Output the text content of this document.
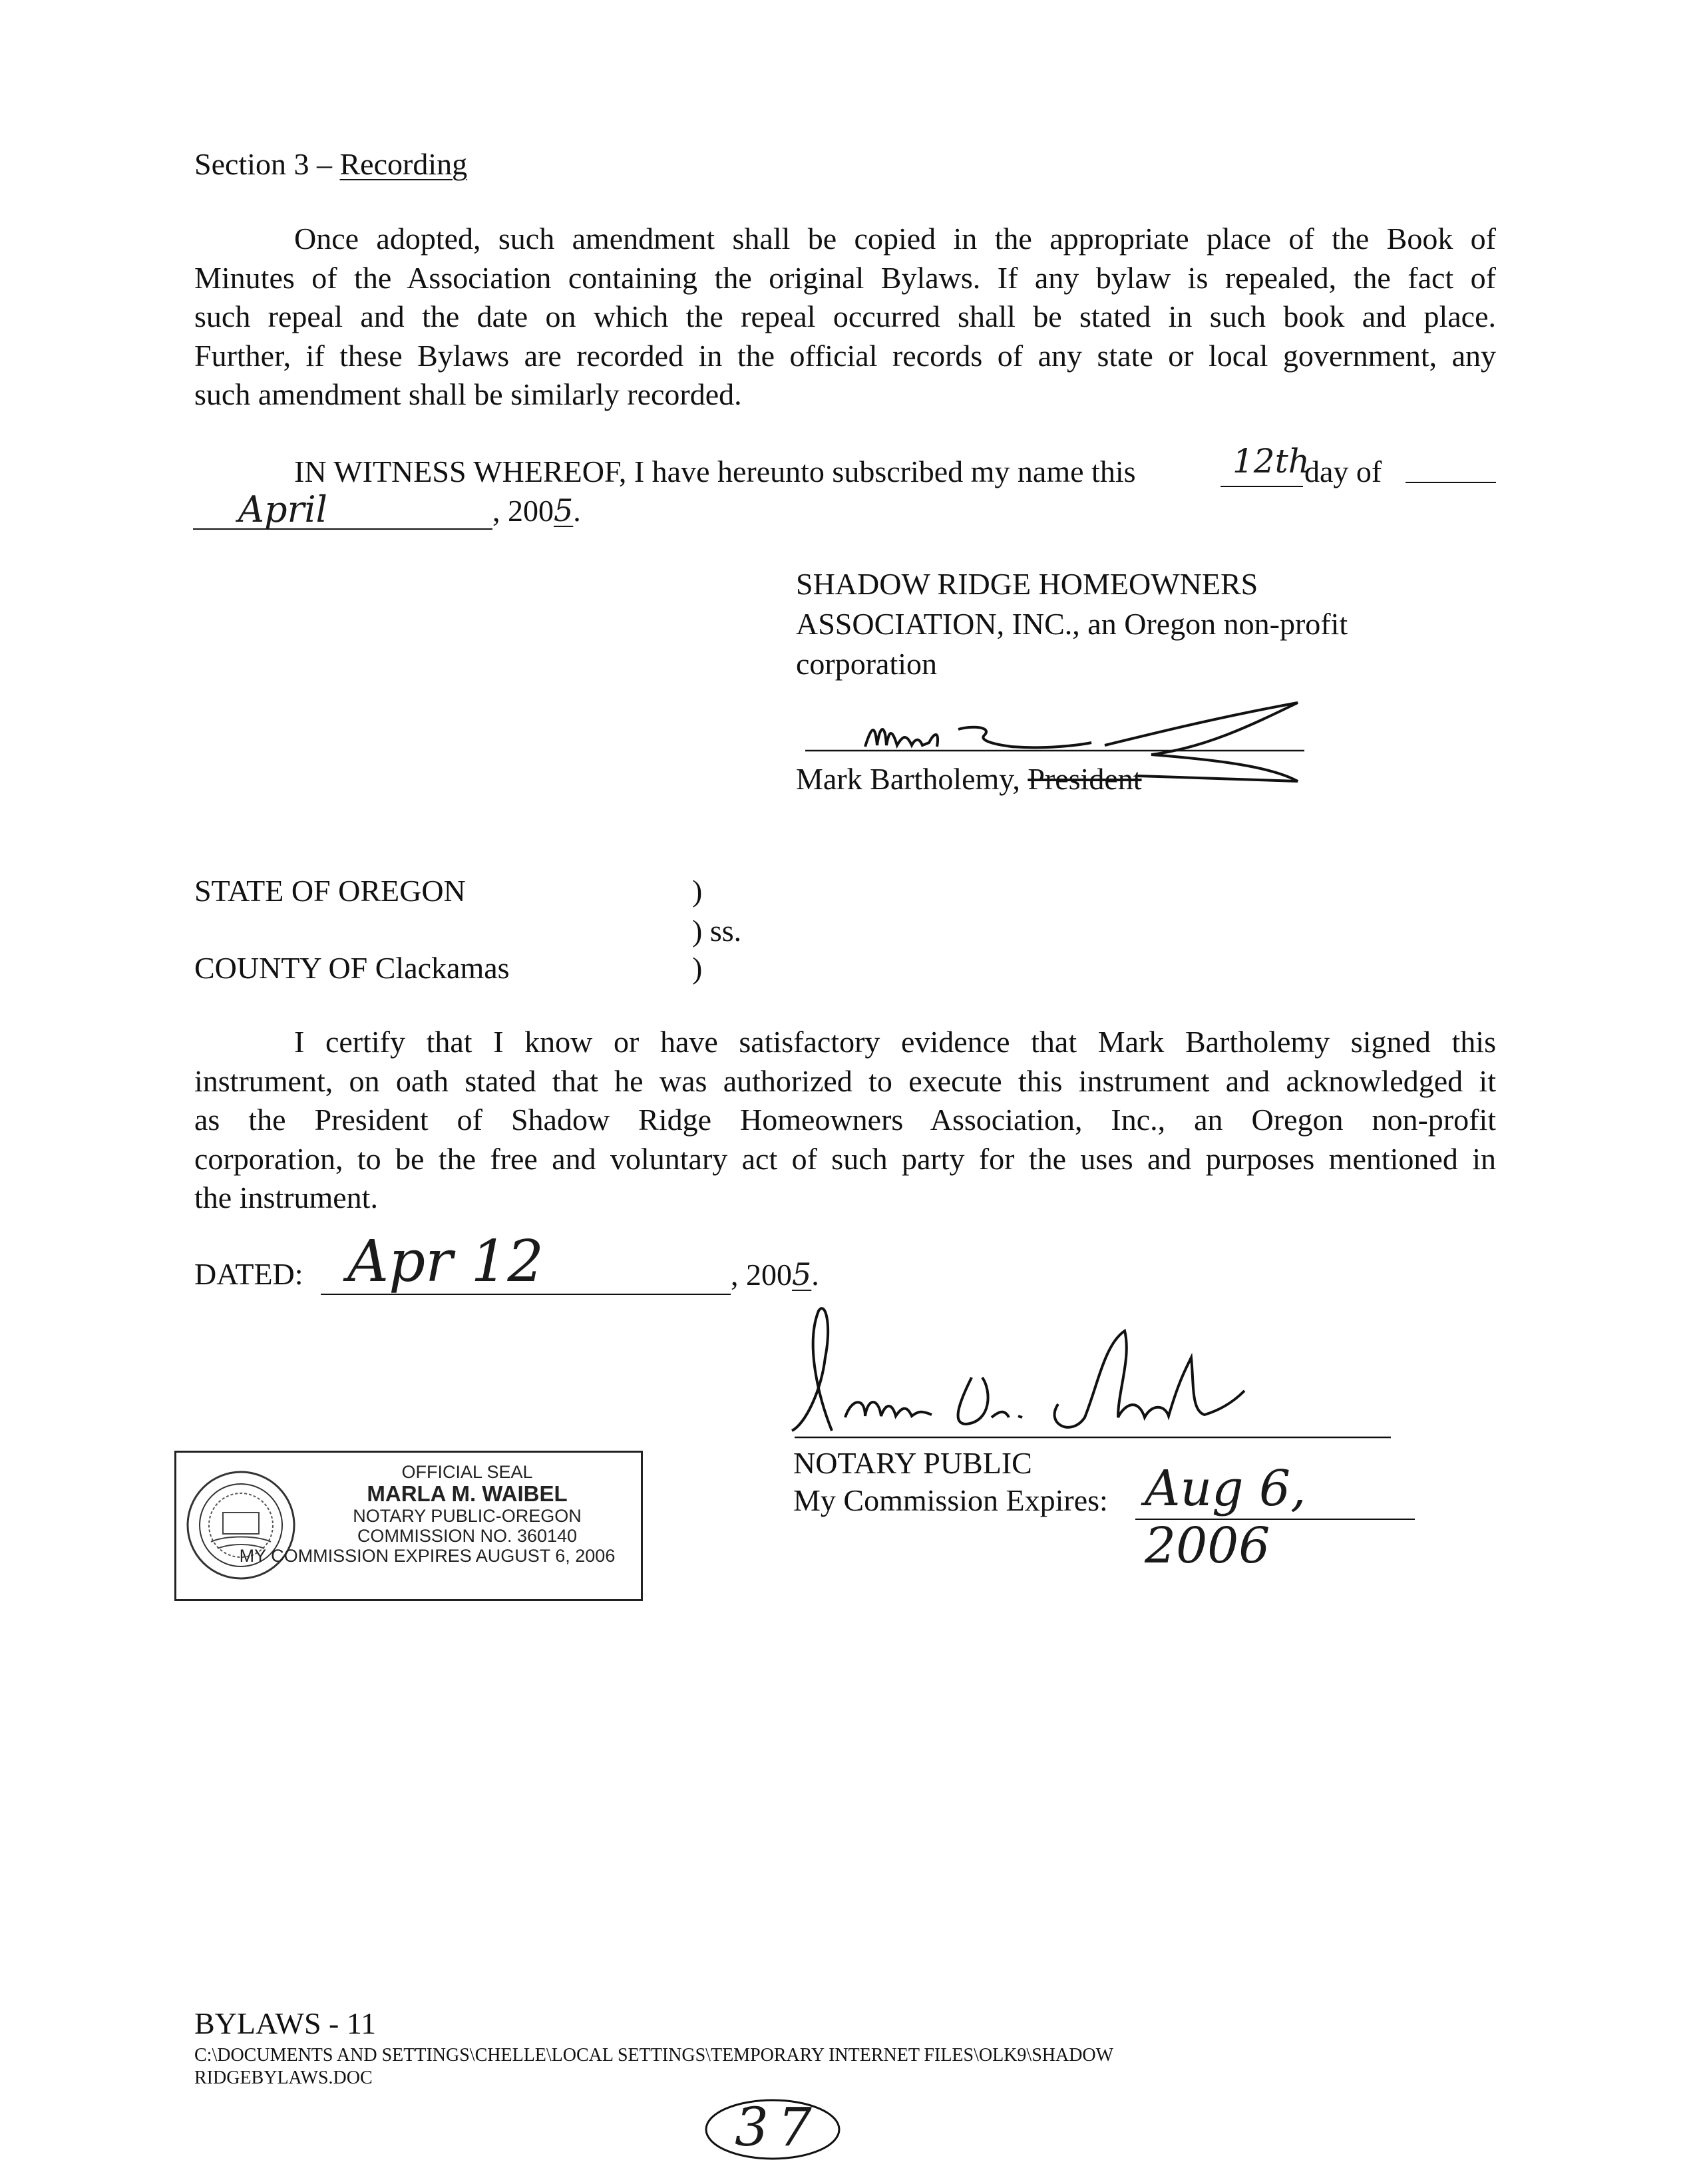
Section 3 – Recording
Once adopted, such amendment shall be copied in the appropriate place of the Book of
Minutes of the Association containing the original Bylaws. If any bylaw is repealed, the fact of
such repeal and the date on which the repeal occurred shall be stated in such book and place.
Further, if these Bylaws are recorded in the official records of any state or local government, any
such amendment shall be similarly recorded.
IN WITNESS WHEREOF, I have hereunto subscribed my name this	12th
day of
April	, 2005.
SHADOW RIDGE HOMEOWNERS
ASSOCIATION, INC., an Oregon non-profit
corporation
Mark Bartholemy, President
STATE OF OREGON	)
) ss.
COUNTY OF Clackamas	)
I certify that I know or have satisfactory evidence that Mark Bartholemy signed this
instrument, on oath stated that he was authorized to execute this instrument and acknowledged it
as the President of Shadow Ridge Homeowners Association, Inc., an Oregon non-profit
corporation, to be the free and voluntary act of such party for the uses and purposes mentioned in
the instrument.
DATED: Apr 12	, 2005.
NOTARY PUBLIC
My Commission Expires: Aug 6, 2006
OFFICIAL SEAL
MARLA M. WAIBEL
NOTARY PUBLIC-OREGON
COMMISSION NO. 360140
MY COMMISSION EXPIRES AUGUST 6, 2006
BYLAWS - 11
C:\DOCUMENTS AND SETTINGS\CHELLE\LOCAL SETTINGS\TEMPORARY INTERNET FILES\OLK9\SHADOW
RIDGEBYLAWS.DOC
37
